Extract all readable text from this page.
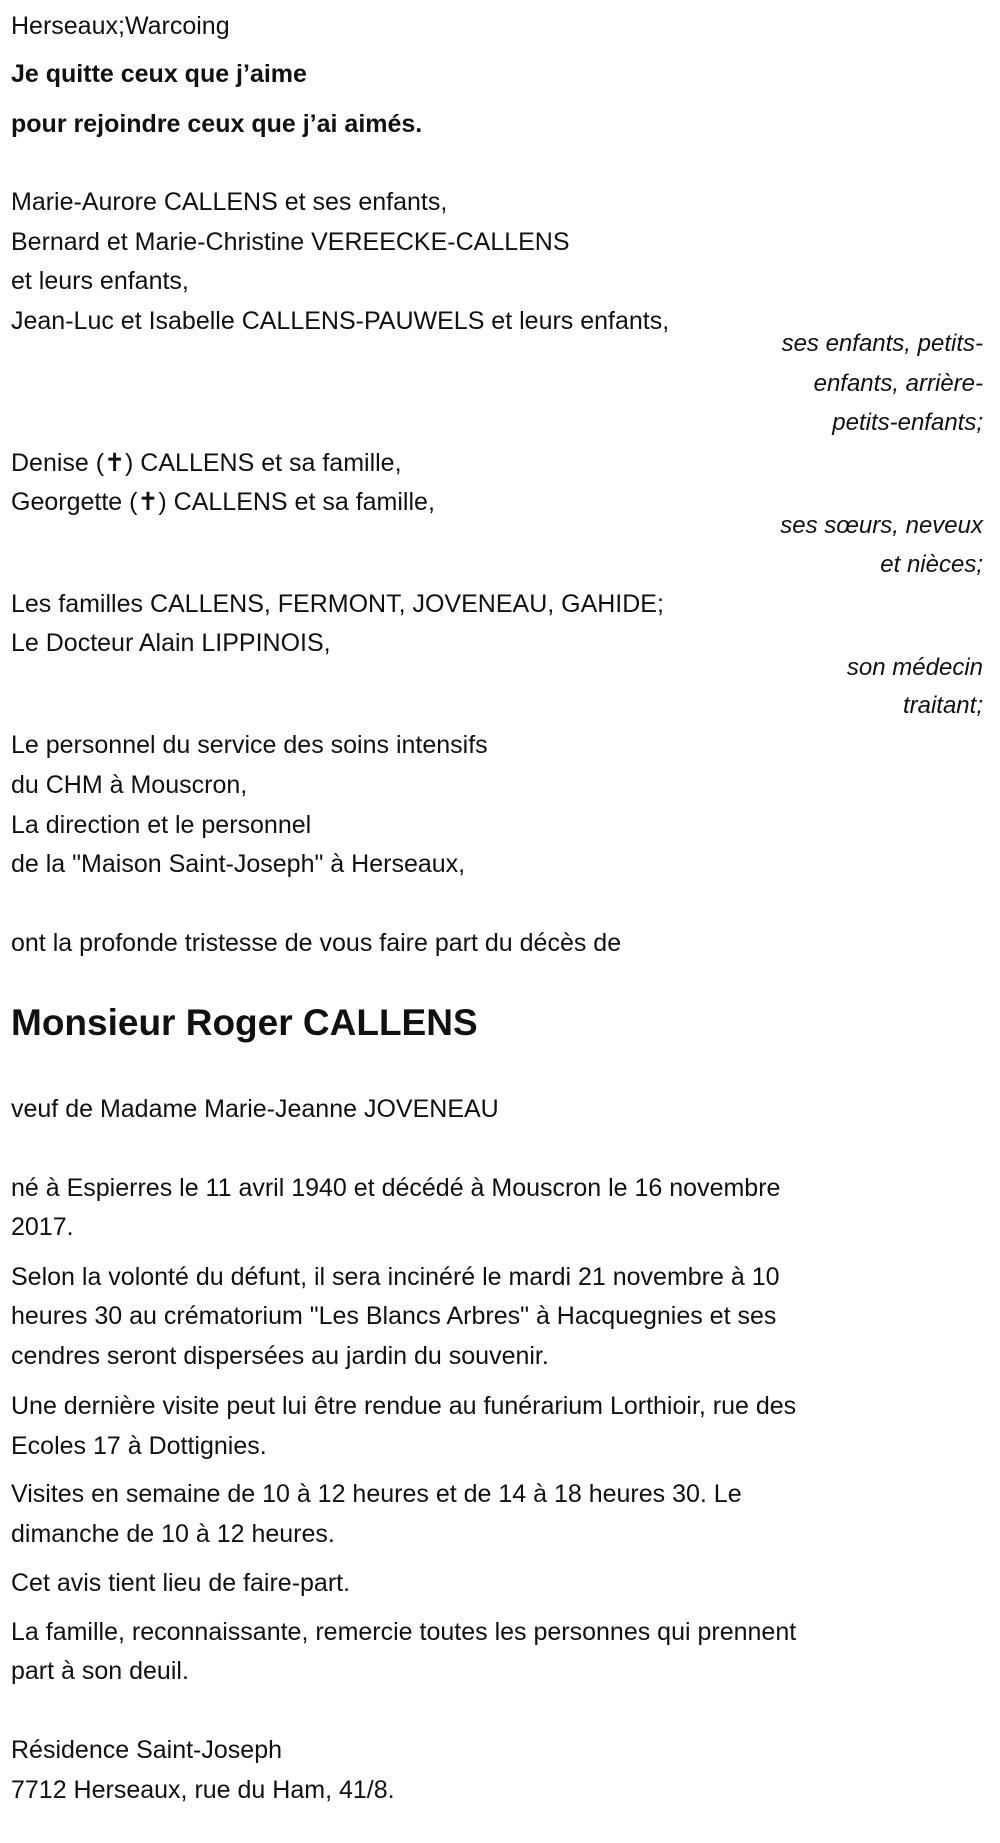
Herseaux;Warcoing
Je quitte ceux que j’aime
pour rejoindre ceux que j’ai aimés.
Marie-Aurore CALLENS et ses enfants,
Bernard et Marie-Christine VEREECKE-CALLENS
et leurs enfants,
Jean-Luc et Isabelle CALLENS-PAUWELS et leurs enfants,
ses enfants, petits-
enfants, arrière-
petits-enfants;
Denise (✝) CALLENS et sa famille,
Georgette (✝) CALLENS et sa famille,
ses sœurs, neveux
et nièces;
Les familles CALLENS, FERMONT, JOVENEAU, GAHIDE;
Le Docteur Alain LIPPINOIS,
son médecin
traitant;
Le personnel du service des soins intensifs
du CHM à Mouscron,
La direction et le personnel
de la "Maison Saint-Joseph" à Herseaux,
ont la profonde tristesse de vous faire part du décès de
Monsieur Roger CALLENS
veuf de Madame Marie-Jeanne JOVENEAU
né à Espierres le 11 avril 1940 et décédé à Mouscron le 16 novembre
2017.
Selon la volonté du défunt, il sera incinéré le mardi 21 novembre à 10
heures 30 au crématorium "Les Blancs Arbres" à Hacquegnies et ses
cendres seront dispersées au jardin du souvenir.
Une dernière visite peut lui être rendue au funérarium Lorthioir, rue des
Ecoles 17 à Dottignies.
Visites en semaine de 10 à 12 heures et de 14 à 18 heures 30. Le
dimanche de 10 à 12 heures.
Cet avis tient lieu de faire-part.
La famille, reconnaissante, remercie toutes les personnes qui prennent
part à son deuil.
Résidence Saint-Joseph
7712 Herseaux, rue du Ham, 41/8.
